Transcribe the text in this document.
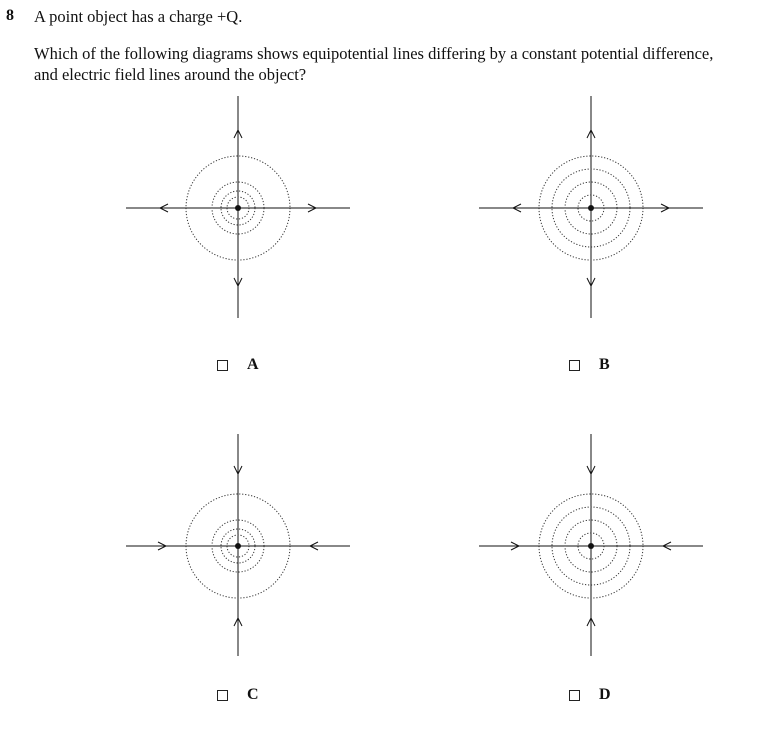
8 A point object has a charge +Q.
Which of the following diagrams shows equipotential lines differing by a constant potential difference, and electric field lines around the object?
A	B
C	D
